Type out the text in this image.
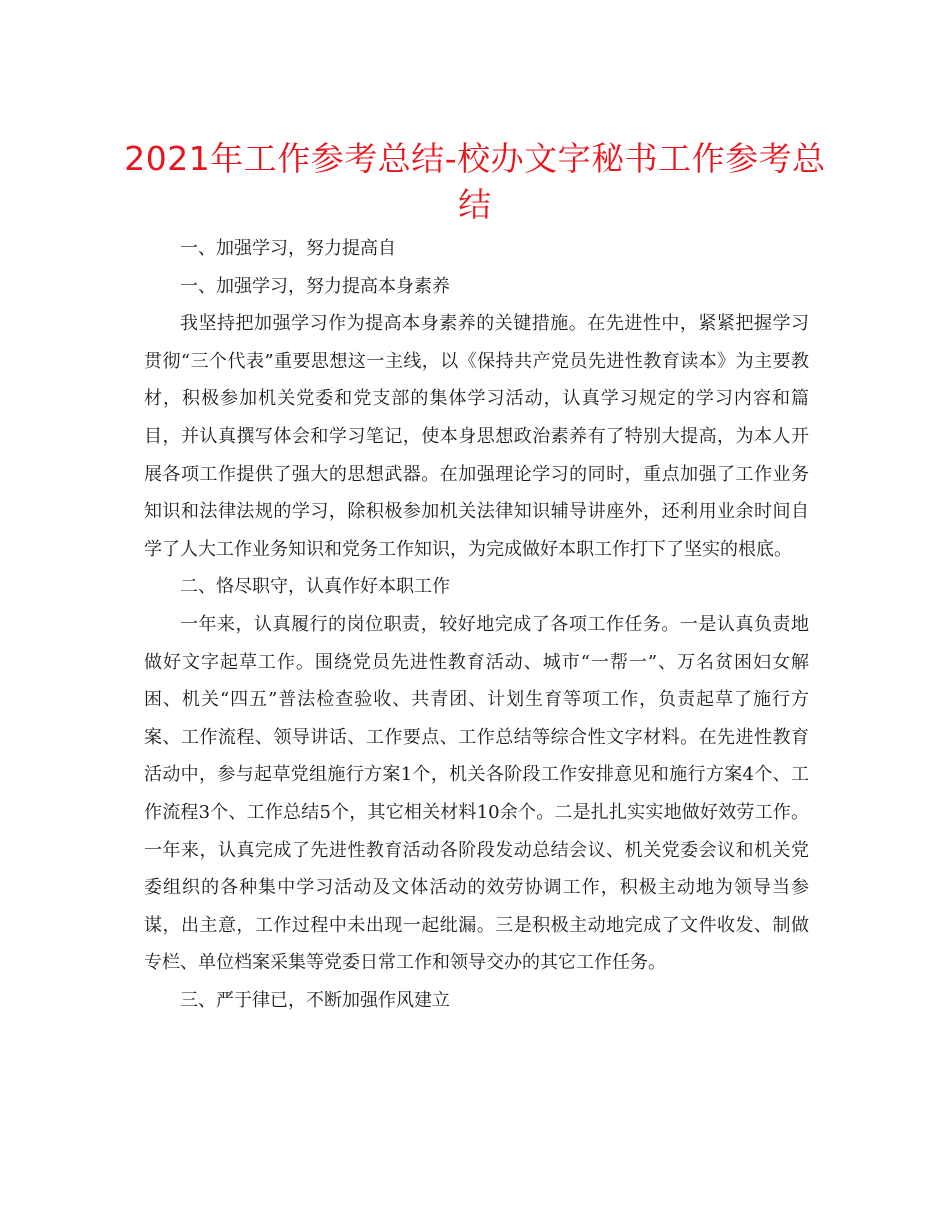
2021年工作参考总结-校办文字秘书工作参考总结

一、加强学习，努力提高自

一、加强学习，努力提高本身素养

我坚持把加强学习作为提高本身素养的关键措施。在先进性中，紧紧把握学习贯彻“三个代表”重要思想这一主线，以《保持共产党员先进性教育读本》为主要教材，积极参加机关党委和党支部的集体学习活动，认真学习规定的学习内容和篇目，并认真撰写体会和学习笔记，使本身思想政治素养有了特别大提高，为本人开展各项工作提供了强大的思想武器。在加强理论学习的同时，重点加强了工作业务知识和法律法规的学习，除积极参加机关法律知识辅导讲座外，还利用业余时间自学了人大工作业务知识和党务工作知识，为完成做好本职工作打下了坚实的根底。

二、恪尽职守，认真作好本职工作

一年来，认真履行的岗位职责，较好地完成了各项工作任务。一是认真负责地做好文字起草工作。围绕党员先进性教育活动、城市“一帮一”、万名贫困妇女解困、机关“四五”普法检查验收、共青团、计划生育等项工作，负责起草了施行方案、工作流程、领导讲话、工作要点、工作总结等综合性文字材料。在先进性教育活动中，参与起草党组施行方案1个，机关各阶段工作安排意见和施行方案4个、工作流程3个、工作总结5个，其它相关材料10余个。二是扎扎实实地做好效劳工作。一年来，认真完成了先进性教育活动各阶段发动总结会议、机关党委会议和机关党委组织的各种集中学习活动及文体活动的效劳协调工作，积极主动地为领导当参谋，出主意，工作过程中未出现一起纰漏。三是积极主动地完成了文件收发、制做专栏、单位档案采集等党委日常工作和领导交办的其它工作任务。

三、严于律已，不断加强作风建立
